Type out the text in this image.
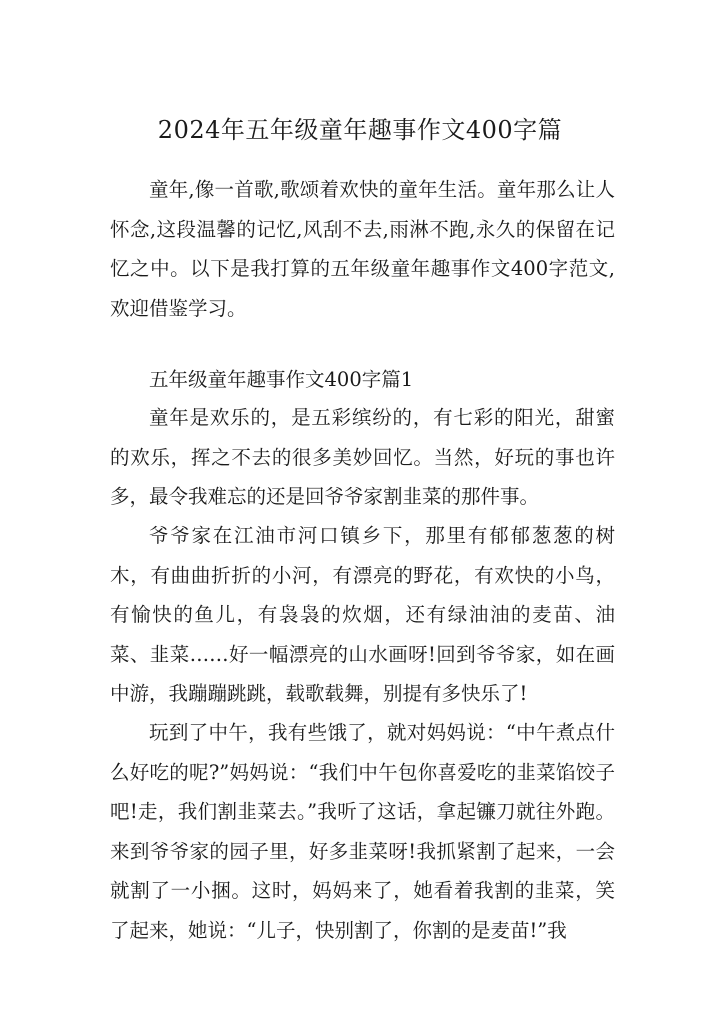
2024年五年级童年趣事作文400字篇

童年,像一首歌,歌颂着欢快的童年生活。童年那么让人怀念,这段温馨的记忆,风刮不去,雨淋不跑,永久的保留在记忆之中。以下是我打算的五年级童年趣事作文400字范文,欢迎借鉴学习。

五年级童年趣事作文400字篇1

童年是欢乐的，是五彩缤纷的，有七彩的阳光，甜蜜的欢乐，挥之不去的很多美妙回忆。当然，好玩的事也许多，最令我难忘的还是回爷爷家割韭菜的那件事。

爷爷家在江油市河口镇乡下，那里有郁郁葱葱的树木，有曲曲折折的小河，有漂亮的野花，有欢快的小鸟，有愉快的鱼儿，有袅袅的炊烟，还有绿油油的麦苗、油菜、韭菜……好一幅漂亮的山水画呀!回到爷爷家，如在画中游，我蹦蹦跳跳，载歌载舞，别提有多快乐了!

玩到了中午，我有些饿了，就对妈妈说：“中午煮点什么好吃的呢?”妈妈说：“我们中午包你喜爱吃的韭菜馅饺子吧!走，我们割韭菜去。”我听了这话，拿起镰刀就往外跑。来到爷爷家的园子里，好多韭菜呀!我抓紧割了起来，一会就割了一小捆。这时，妈妈来了，她看着我割的韭菜，笑了起来，她说：“儿子，快别割了，你割的是麦苗!”我
